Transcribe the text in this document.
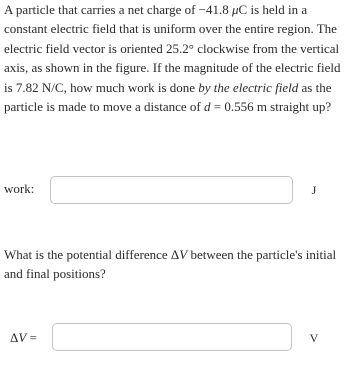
A particle that carries a net charge of −41.8 μC is held in a constant electric field that is uniform over the entire region. The electric field vector is oriented 25.2° clockwise from the vertical axis, as shown in the figure. If the magnitude of the electric field is 7.82 N/C, how much work is done by the electric field as the particle is made to move a distance of d = 0.556 m straight up?
work:	J
What is the potential difference ΔV between the particle's initial and final positions?
ΔV =	V
